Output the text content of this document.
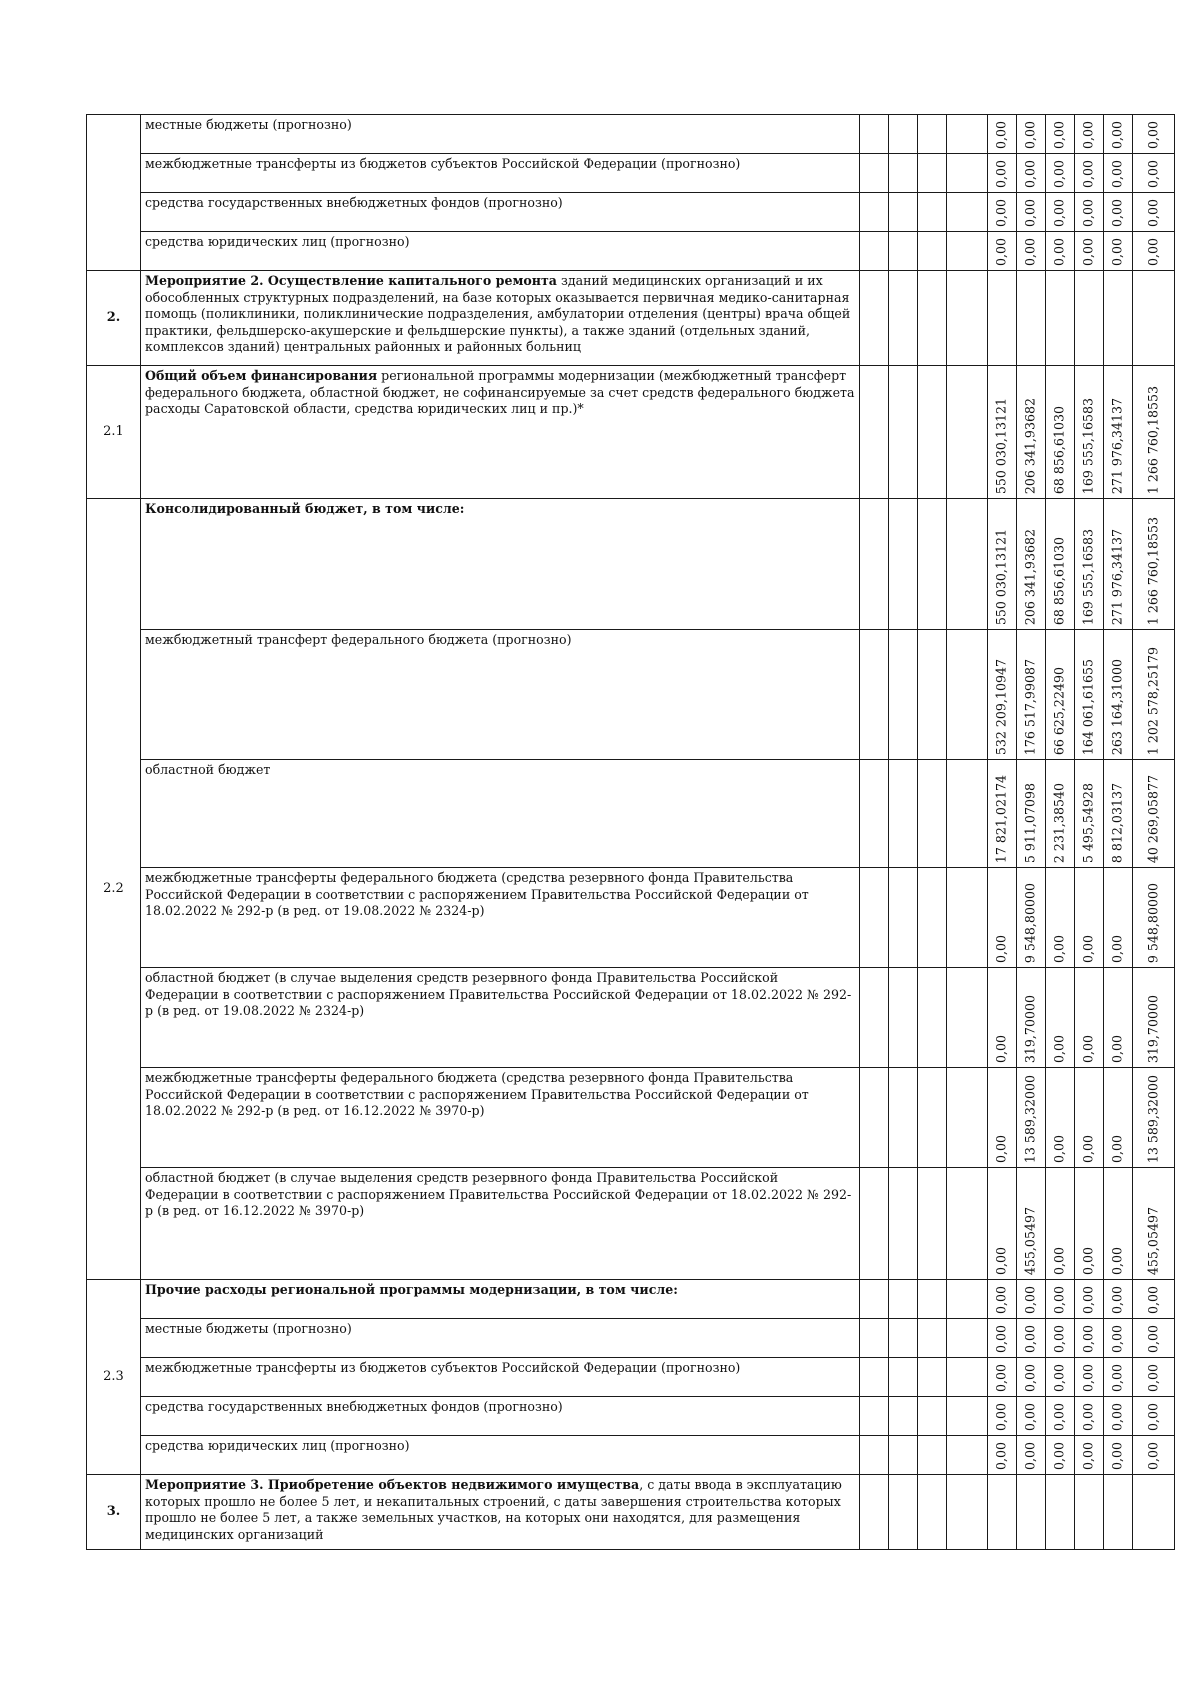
	местные бюджеты (прогнозно)					0,00	0,00	0,00	0,00	0,00	0,00

	межбюджетные трансферты из бюджетов субъектов Российской Федерации (прогнозно)					0,00	0,00	0,00	0,00	0,00	0,00

	средства государственных внебюджетных фондов (прогнозно)					0,00	0,00	0,00	0,00	0,00	0,00

	средства юридических лиц (прогнозно)					0,00	0,00	0,00	0,00	0,00	0,00

2.	Мероприятие 2. Осуществление капитального ремонта зданий медицинских организаций и их обособленных структурных подразделений, на базе которых оказывается первичная медико-санитарная помощь (поликлиники, поликлинические подразделения, амбулатории отделения (центры) врача общей практики, фельдшерско-акушерские и фельдшерские пункты), а также зданий (отдельных зданий, комплексов зданий) центральных районных и районных больниц										
2.1	Общий объем финансирования региональной программы модернизации (межбюджетный трансферт федерального бюджета, областной бюджет, не софинансируемые за счет средств федерального бюджета расходы Саратовской области, средства юридических лиц и пр.)*					550 030,13121	206 341,93682	68 856,61030	169 555,16583	271 976,34137	1 266 760,18553

2.2	Консолидированный бюджет, в том числе:					550 030,13121	206 341,93682	68 856,61030	169 555,16583	271 976,34137	1 266 760,18553

	межбюджетный трансферт федерального бюджета (прогнозно)					532 209,10947	176 517,99087	66 625,22490	164 061,61655	263 164,31000	1 202 578,25179

	областной бюджет					17 821,02174	5 911,07098	2 231,38540	5 495,54928	8 812,03137	40 269,05877

	межбюджетные трансферты федерального бюджета (средства резервного фонда Правительства Российской Федерации в соответствии с распоряжением Правительства Российской Федерации от 18.02.2022 № 292-р (в ред. от 19.08.2022 № 2324-р)					0,00	9 548,80000	0,00	0,00	0,00	9 548,80000

	областной бюджет (в случае выделения средств резервного фонда Правительства Российской Федерации в соответствии с распоряжением Правительства Российской Федерации от 18.02.2022 № 292-р (в ред. от 19.08.2022 № 2324-р)					0,00	319,70000	0,00	0,00	0,00	319,70000

	межбюджетные трансферты федерального бюджета (средства резервного фонда Правительства Российской Федерации в соответствии с распоряжением Правительства Российской Федерации от 18.02.2022 № 292-р (в ред. от 16.12.2022 № 3970-р)					0,00	13 589,32000	0,00	0,00	0,00	13 589,32000

	областной бюджет (в случае выделения средств резервного фонда Правительства Российской Федерации в соответствии с распоряжением Правительства Российской Федерации от 18.02.2022 № 292-р (в ред. от 16.12.2022 № 3970-р)					0,00	455,05497	0,00	0,00	0,00	455,05497

2.3	Прочие расходы региональной программы модернизации, в том числе:					0,00	0,00	0,00	0,00	0,00	0,00

	местные бюджеты (прогнозно)					0,00	0,00	0,00	0,00	0,00	0,00

	межбюджетные трансферты из бюджетов субъектов Российской Федерации (прогнозно)					0,00	0,00	0,00	0,00	0,00	0,00

	средства государственных внебюджетных фондов (прогнозно)					0,00	0,00	0,00	0,00	0,00	0,00

	средства юридических лиц (прогнозно)					0,00	0,00	0,00	0,00	0,00	0,00

3.	Мероприятие 3. Приобретение объектов недвижимого имущества, с даты ввода в эксплуатацию которых прошло не более 5 лет, и некапитальных строений, с даты завершения строительства которых прошло не более 5 лет, а также земельных участков, на которых они находятся, для размещения медицинских организаций										
